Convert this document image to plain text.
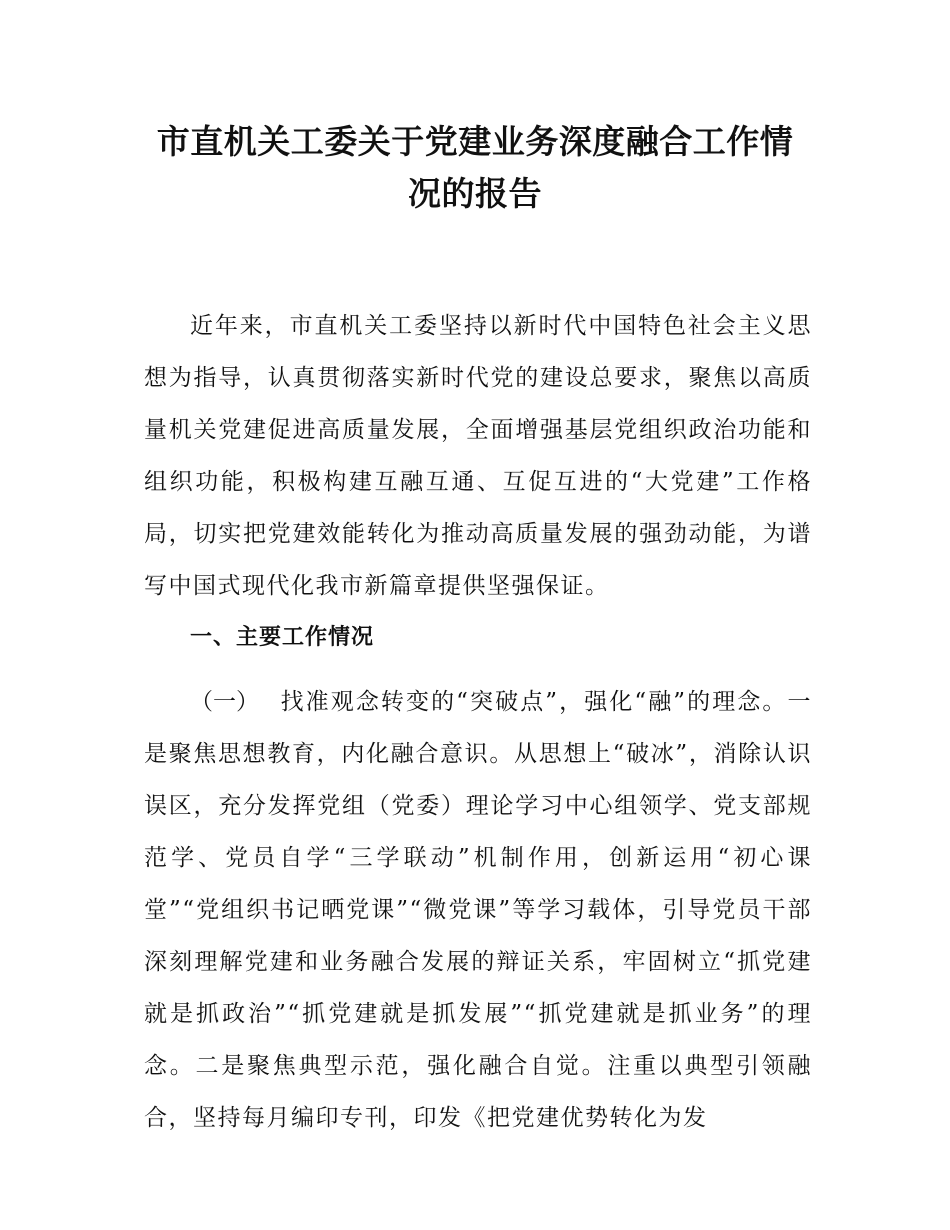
市直机关工委关于党建业务深度融合工作情
况的报告

近年来，市直机关工委坚持以新时代中国特色社会主义思想为指导，认真贯彻落实新时代党的建设总要求，聚焦以高质量机关党建促进高质量发展，全面增强基层党组织政治功能和组织功能，积极构建互融互通、互促互进的“大党建”工作格局，切实把党建效能转化为推动高质量发展的强劲动能，为谱写中国式现代化我市新篇章提供坚强保证。

一、主要工作情况

（一） 找准观念转变的“突破点”，强化“融”的理念。一是聚焦思想教育，内化融合意识。从思想上“破冰”，消除认识误区，充分发挥党组（党委）理论学习中心组领学、党支部规范学、党员自学“三学联动”机制作用，创新运用“初心课堂”“党组织书记晒党课”“微党课”等学习载体，引导党员干部深刻理解党建和业务融合发展的辩证关系，牢固树立“抓党建就是抓政治”“抓党建就是抓发展”“抓党建就是抓业务”的理念。二是聚焦典型示范，强化融合自觉。注重以典型引领融合，坚持每月编印专刊，印发《把党建优势转化为发
